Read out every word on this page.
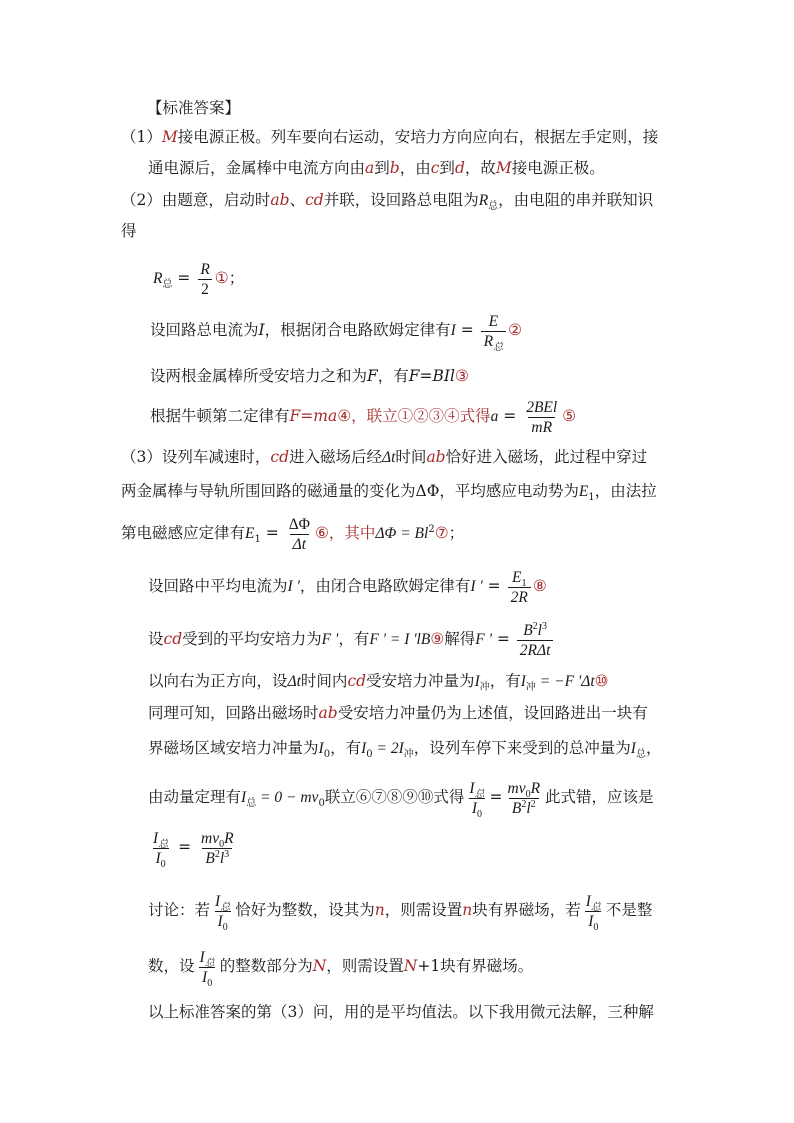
【标准答案】
（1）M接电源正极。列车要向右运动，安培力方向应向右，根据左手定则，接
通电源后，金属棒中电流方向由a到b，由c到d，故M接电源正极。
（2）由题意，启动时ab、cd并联，设回路总电阻为$R_总$，由电阻的串并联知识
得
$R_总 = \frac{R}{2}$ ①；
设回路总电流为I，根据闭合电路欧姆定律有$I = \frac{E}{R_总}$ ②
设两根金属棒所受安培力之和为F，有F=BIl③
根据牛顿第二定律有F=ma④，联立①②③④式得$a = \frac{\text{2BEl}}{mR}$ ⑤
（3）设列车减速时，cd进入磁场后经Δt时间ab恰好进入磁场，此过程中穿过
两金属棒与导轨所围回路的磁通量的变化为ΔΦ，平均感应电动势为$E_1$，由法拉
第电磁感应定律有$E_1 = \frac{\Delta\Phi}{\Delta t}$ ⑥，其中$\Delta\Phi = Bl^2⑦$；
设回路中平均电流为I '，由闭合电路欧姆定律有I ' = $\frac{E_1}{2R}$ ⑧
设cd受到的平均安培力为F '，有F ' = I 'lB⑨解得F ' = $\frac{B^2l^3}{\text{2RΔt}}$
以向右为正方向，设Δt时间内cd受安培力冲量为$I_冲$，有$I_冲 = -F$ 'Δt⑩
同理可知，回路出磁场时ab受安培力冲量仍为上述值，设回路进出一块有
界磁场区域安培力冲量为$I_0$，有$I_0 = 2I_冲$，设列车停下来受到的总冲量为$I_总$，
由动量定理有$I_总 = 0 - mv_0$联立⑥⑦⑧⑨⑩式得 $\frac{I_总}{I_0} = \frac{mv_0R}{B^2l^2}$ 此式错，应该是
$\frac{I_总}{I_0} = \frac{mv_0R}{B^2l^3}$
讨论：若 $\frac{I_总}{I_0}$ 恰好为整数，设其为n，则需设置n块有界磁场，若 $\frac{I_总}{I_0}$ 不是整
数，设 $\frac{I_总}{I_0}$ 的整数部分为N，则需设置N+1块有界磁场。
以上标准答案的第（3）问，用的是平均值法。以下我用微元法解，三种解
